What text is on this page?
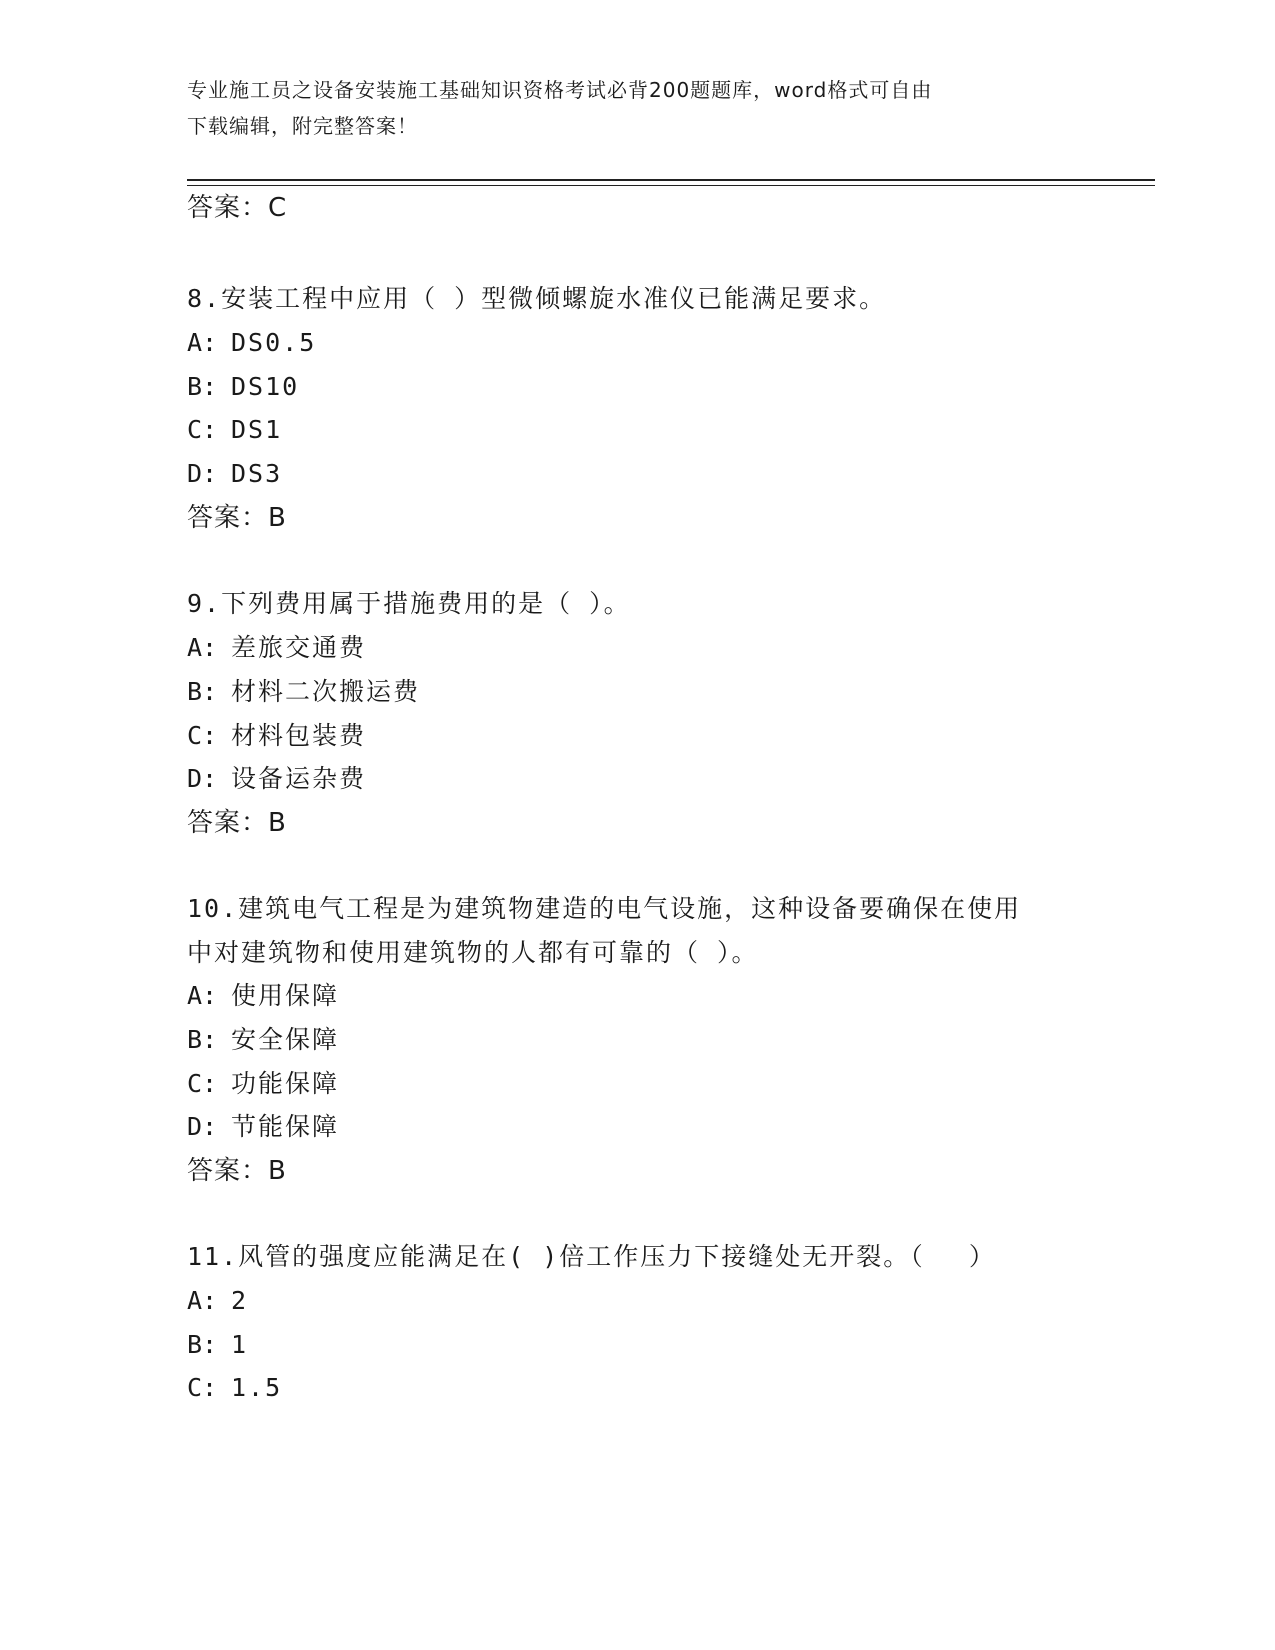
专业施工员之设备安装施工基础知识资格考试必背200题题库，word格式可自由
下载编辑，附完整答案！
答案：C
8.安装工程中应用（ ）型微倾螺旋水准仪已能满足要求。
A: DS0.5
B: DS10
C: DS1
D: DS3
答案：B
9.下列费用属于措施费用的是（ ）。
A: 差旅交通费
B: 材料二次搬运费
C: 材料包装费
D: 设备运杂费
答案：B
10.建筑电气工程是为建筑物建造的电气设施，这种设备要确保在使用
中对建筑物和使用建筑物的人都有可靠的（ ）。
A: 使用保障
B: 安全保障
C: 功能保障
D: 节能保障
答案：B
11.风管的强度应能满足在( )倍工作压力下接缝处无开裂。（　 ）
A: 2
B: 1
C: 1.5
